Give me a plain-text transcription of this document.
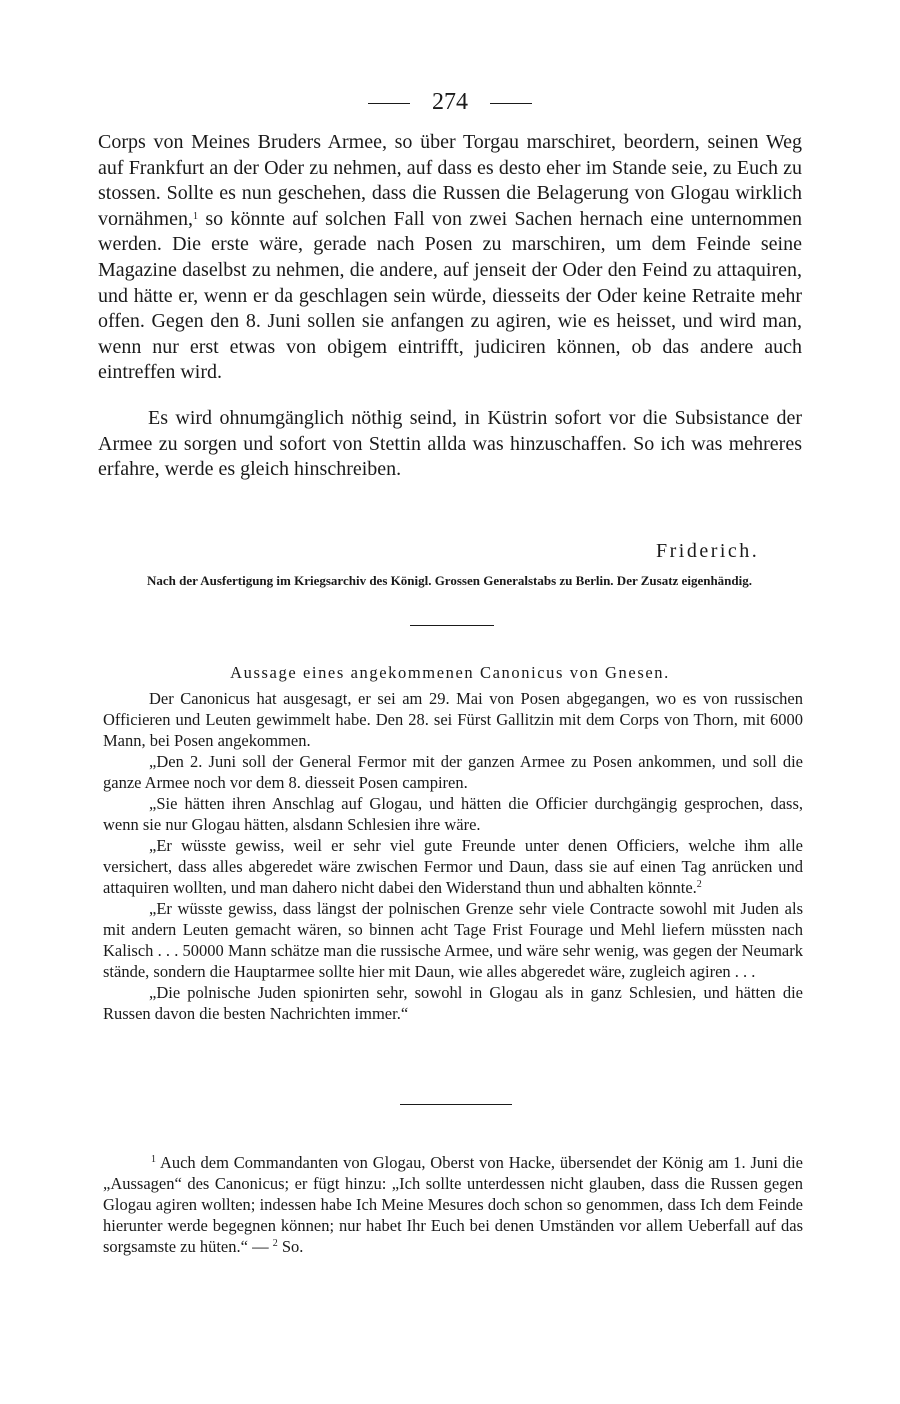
274

Corps von Meines Bruders Armee, so über Torgau marschiret, beordern, seinen Weg auf Frankfurt an der Oder zu nehmen, auf dass es desto eher im Stande seie, zu Euch zu stossen. Sollte es nun geschehen, dass die Russen die Belagerung von Glogau wirklich vornähmen,$^1$ so könnte auf solchen Fall von zwei Sachen hernach eine unternommen werden. Die erste wäre, gerade nach Posen zu marschiren, um dem Feinde seine Magazine daselbst zu nehmen, die andere, auf jenseit der Oder den Feind zu attaquiren, und hätte er, wenn er da geschlagen sein würde, diesseits der Oder keine Retraite mehr offen. Gegen den 8. Juni sollen sie anfangen zu agiren, wie es heisset, und wird man, wenn nur erst etwas von obigem eintrifft, judiciren können, ob das andere auch eintreffen wird.

Es wird ohnumgänglich nöthig seind, in Küstrin sofort vor die Subsistance der Armee zu sorgen und sofort von Stettin allda was hinzuschaffen. So ich was mehreres erfahre, werde es gleich hinschreiben.

Friderich.
Nach der Ausfertigung im Kriegsarchiv des Königl. Grossen Generalstabs zu Berlin. Der Zusatz eigenhändig.
Aussage eines angekommenen Canonicus von Gnesen.

Der Canonicus hat ausgesagt, er sei am 29. Mai von Posen abgegangen, wo es von russischen Officieren und Leuten gewimmelt habe. Den 28. sei Fürst Gallitzin mit dem Corps von Thorn, mit 6000 Mann, bei Posen angekommen.

„Den 2. Juni soll der General Fermor mit der ganzen Armee zu Posen ankommen, und soll die ganze Armee noch vor dem 8. diesseit Posen campiren.

„Sie hätten ihren Anschlag auf Glogau, und hätten die Officier durchgängig gesprochen, dass, wenn sie nur Glogau hätten, alsdann Schlesien ihre wäre.

„Er wüsste gewiss, weil er sehr viel gute Freunde unter denen Officiers, welche ihm alle versichert, dass alles abgeredet wäre zwischen Fermor und Daun, dass sie auf einen Tag anrücken und attaquiren wollten, und man dahero nicht dabei den Widerstand thun und abhalten könnte.$^2$

„Er wüsste gewiss, dass längst der polnischen Grenze sehr viele Contracte sowohl mit Juden als mit andern Leuten gemacht wären, so binnen acht Tage Frist Fourage und Mehl liefern müssten nach Kalisch . . . 50000 Mann schätze man die russische Armee, und wäre sehr wenig, was gegen der Neumark stände, sondern die Hauptarmee sollte hier mit Daun, wie alles abgeredet wäre, zugleich agiren . . .

„Die polnische Juden spionirten sehr, sowohl in Glogau als in ganz Schlesien, und hätten die Russen davon die besten Nachrichten immer.“

$^1$ Auch dem Commandanten von Glogau, Oberst von Hacke, übersendet der König am 1. Juni die „Aussagen“ des Canonicus; er fügt hinzu: „Ich sollte unterdessen nicht glauben, dass die Russen gegen Glogau agiren wollten; indessen habe Ich Meine Mesures doch schon so genommen, dass Ich dem Feinde hierunter werde begegnen können; nur habet Ihr Euch bei denen Umständen vor allem Ueberfall auf das sorgsamste zu hüten.“ — $^2$ So.
